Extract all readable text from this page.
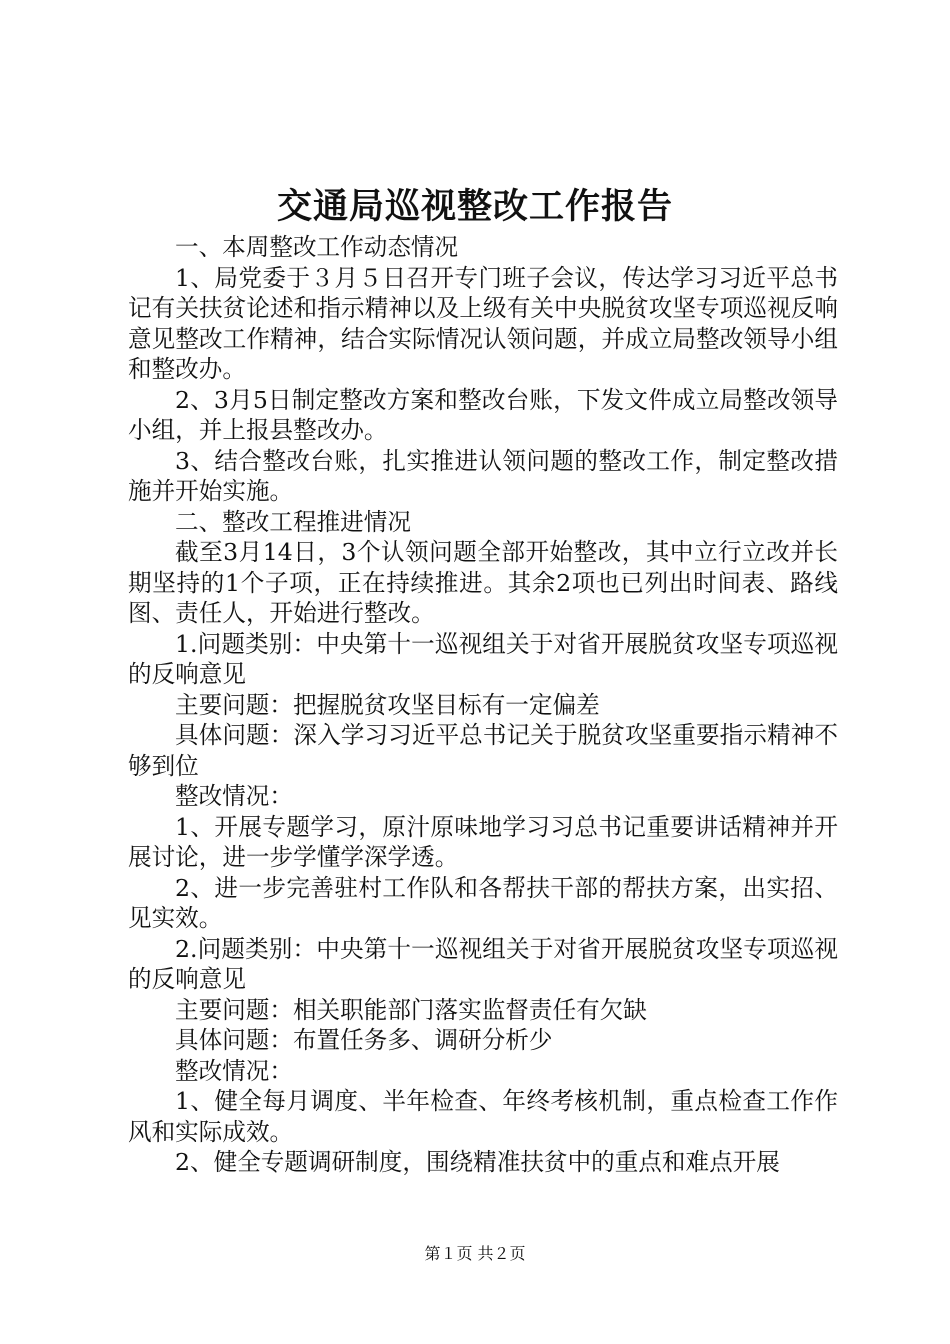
交通局巡视整改工作报告

一、本周整改工作动态情况

1、局党委于３月５日召开专门班子会议，传达学习习近平总书记有关扶贫论述和指示精神以及上级有关中央脱贫攻坚专项巡视反响意见整改工作精神，结合实际情况认领问题，并成立局整改领导小组和整改办。

2、3月5日制定整改方案和整改台账，下发文件成立局整改领导小组，并上报县整改办。

3、结合整改台账，扎实推进认领问题的整改工作，制定整改措施并开始实施。

二、整改工程推进情况

截至3月14日，3个认领问题全部开始整改，其中立行立改并长期坚持的1个子项，正在持续推进。其余2项也已列出时间表、路线图、责任人，开始进行整改。

1.问题类别：中央第十一巡视组关于对省开展脱贫攻坚专项巡视的反响意见

主要问题：把握脱贫攻坚目标有一定偏差

具体问题：深入学习习近平总书记关于脱贫攻坚重要指示精神不够到位

整改情况：

1、开展专题学习，原汁原味地学习习总书记重要讲话精神并开展讨论，进一步学懂学深学透。

2、进一步完善驻村工作队和各帮扶干部的帮扶方案，出实招、见实效。

2.问题类别：中央第十一巡视组关于对省开展脱贫攻坚专项巡视的反响意见

主要问题：相关职能部门落实监督责任有欠缺

具体问题：布置任务多、调研分析少

整改情况：

1、健全每月调度、半年检查、年终考核机制，重点检查工作作风和实际成效。

2、健全专题调研制度，围绕精准扶贫中的重点和难点开展

第１页 共２页
